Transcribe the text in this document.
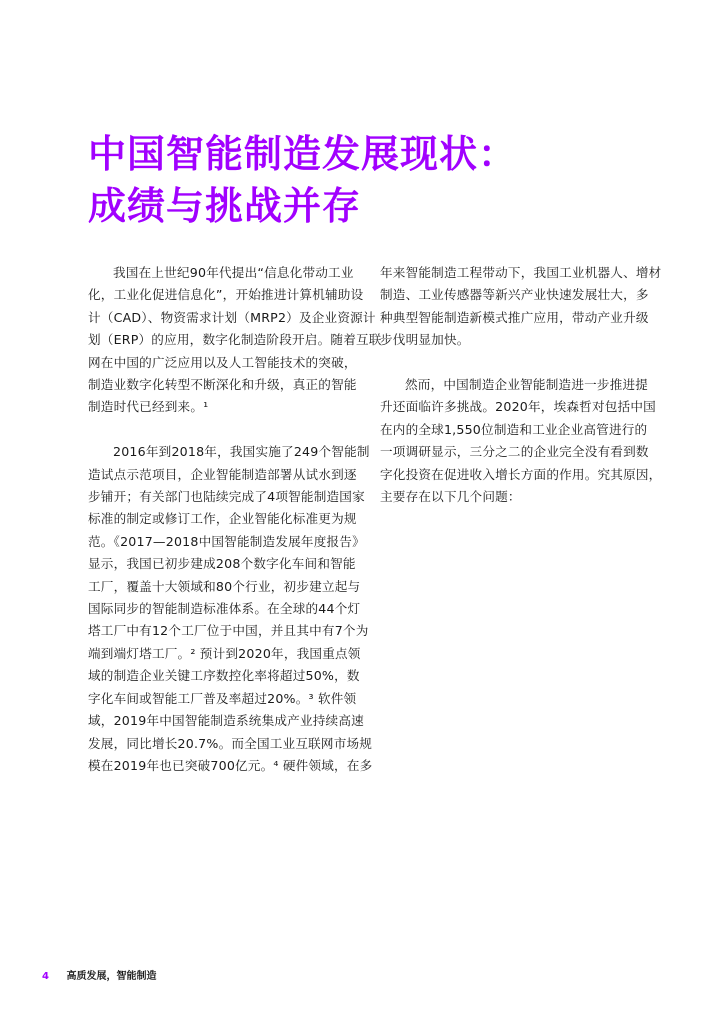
中国智能制造发展现状：
成绩与挑战并存
我国在上世纪90年代提出“信息化带动工业
化，工业化促进信息化”，开始推进计算机辅助设
计（CAD）、物资需求计划（MRP2）及企业资源计
划（ERP）的应用，数字化制造阶段开启。随着互联
网在中国的广泛应用以及人工智能技术的突破，
制造业数字化转型不断深化和升级，真正的智能
制造时代已经到来。¹
2016年到2018年，我国实施了249个智能制
造试点示范项目，企业智能制造部署从试水到逐
步铺开；有关部门也陆续完成了4项智能制造国家
标准的制定或修订工作，企业智能化标准更为规
范。《2017—2018中国智能制造发展年度报告》
显示，我国已初步建成208个数字化车间和智能
工厂，覆盖十大领域和80个行业，初步建立起与
国际同步的智能制造标准体系。在全球的44个灯
塔工厂中有12个工厂位于中国，并且其中有7个为
端到端灯塔工厂。² 预计到2020年，我国重点领
域的制造企业关键工序数控化率将超过50%，数
字化车间或智能工厂普及率超过20%。³ 软件领
域，2019年中国智能制造系统集成产业持续高速
发展，同比增长20.7%。而全国工业互联网市场规
模在2019年也已突破700亿元。⁴ 硬件领域，在多
年来智能制造工程带动下，我国工业机器人、增材
制造、工业传感器等新兴产业快速发展壮大，多
种典型智能制造新模式推广应用，带动产业升级
步伐明显加快。
然而，中国制造企业智能制造进一步推进提
升还面临许多挑战。2020年，埃森哲对包括中国
在内的全球1,550位制造和工业企业高管进行的
一项调研显示，三分之二的企业完全没有看到数
字化投资在促进收入增长方面的作用。究其原因，
主要存在以下几个问题：
4 高质发展，智能制造
